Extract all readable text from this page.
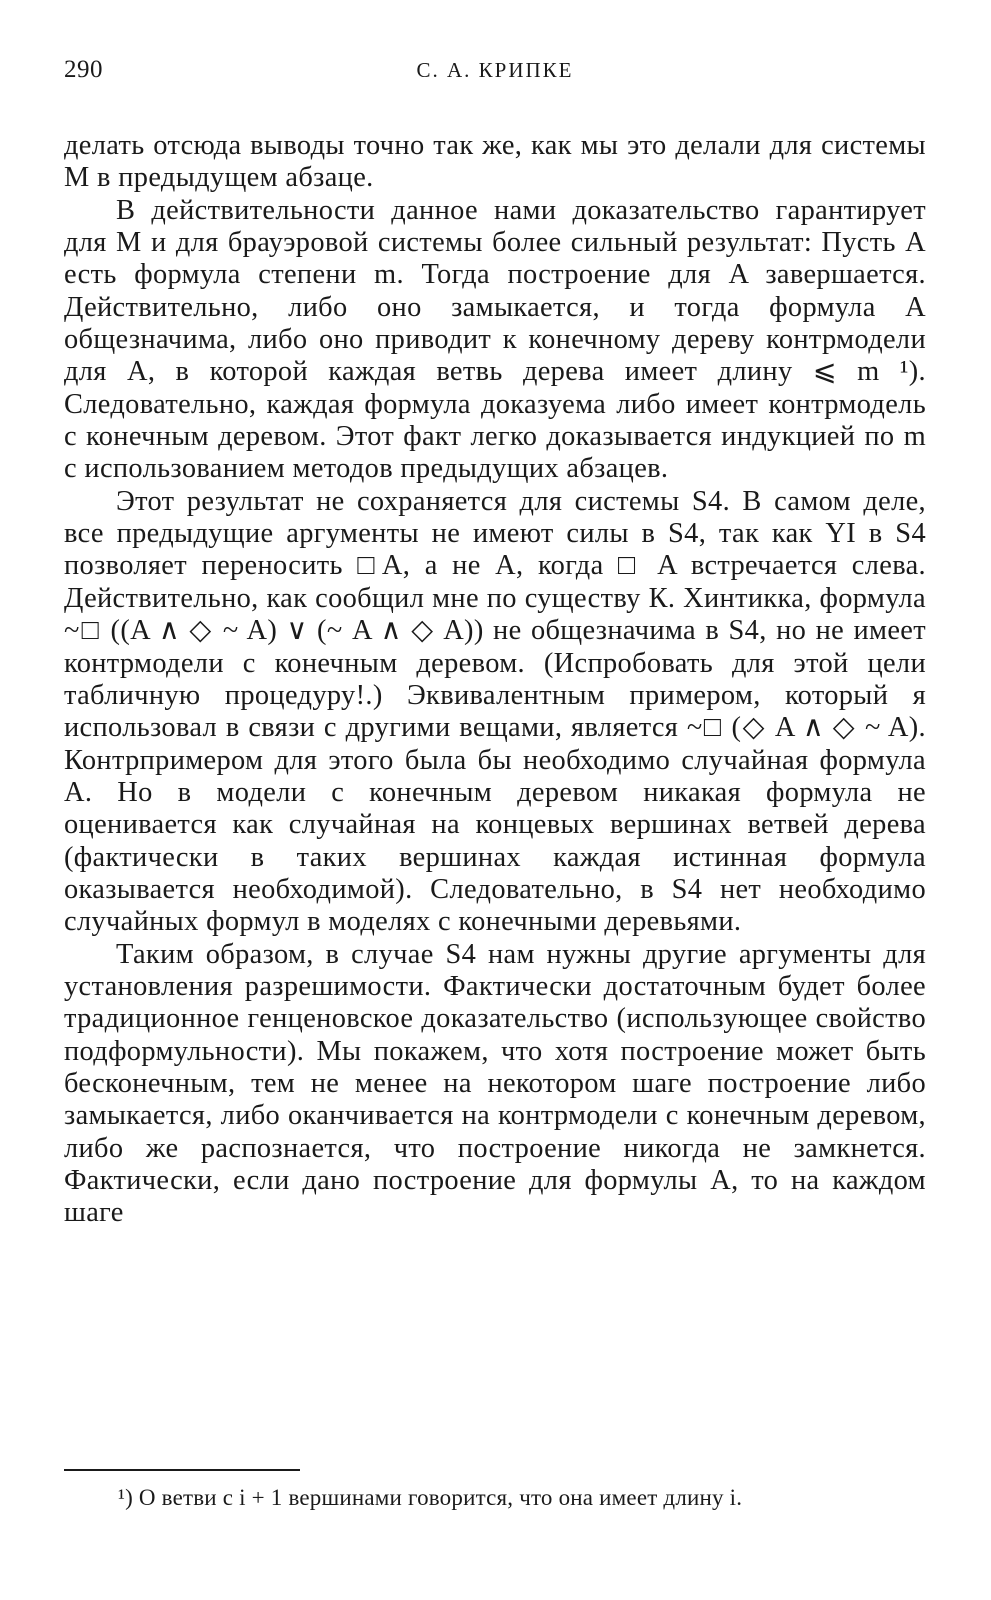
290	С. А. КРИПКЕ

делать отсюда выводы точно так же, как мы это делали для системы M в предыдущем абзаце.

В действительности данное нами доказательство гарантирует для M и для брауэровой системы более сильный результат: Пусть A есть формула степени m. Тогда построение для A завершается. Действительно, либо оно замыкается, и тогда формула A общезначима, либо оно приводит к конечному дереву контрмодели для A, в которой каждая ветвь дерева имеет длину ⩽ m ¹). Следовательно, каждая формула доказуема либо имеет контрмодель с конечным деревом. Этот факт легко доказывается индукцией по m с использованием методов предыдущих абзацев.

Этот результат не сохраняется для системы S4. В самом деле, все предыдущие аргументы не имеют силы в S4, так как YI в S4 позволяет переносить □A, а не A, когда □ A встречается слева. Действительно, как сообщил мне по существу К. Хинтикка, формула ~□ ((A ∧ ◇ ~ A) ∨ (~ A ∧ ◇ A)) не общезначима в S4, но не имеет контрмодели с конечным деревом. (Испробовать для этой цели табличную процедуру!.) Эквивалентным примером, который я использовал в связи с другими вещами, является ~□ (◇ A ∧ ◇ ~ A). Контрпримером для этого была бы необходимо случайная формула A. Но в модели с конечным деревом никакая формула не оценивается как случайная на концевых вершинах ветвей дерева (фактически в таких вершинах каждая истинная формула оказывается необходимой). Следовательно, в S4 нет необходимо случайных формул в моделях с конечными деревьями.

Таким образом, в случае S4 нам нужны другие аргументы для установления разрешимости. Фактически достаточным будет более традиционное генценовское доказательство (использующее свойство подформульности). Мы покажем, что хотя построение может быть бесконечным, тем не менее на некотором шаге построение либо замыкается, либо оканчивается на контрмодели с конечным деревом, либо же распознается, что построение никогда не замкнется. Фактически, если дано построение для формулы A, то на каждом шаге

¹) О ветви с i + 1 вершинами говорится, что она имеет длину i.
